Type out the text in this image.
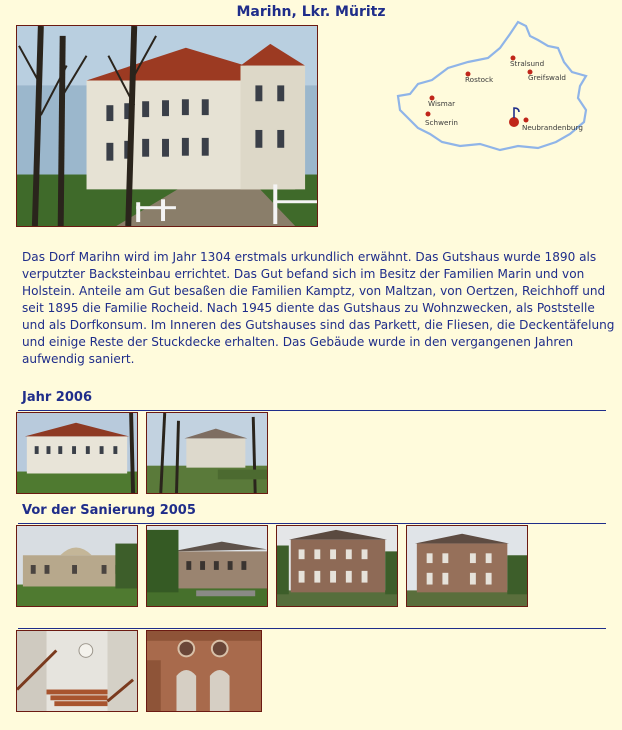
Marihn, Lkr. Müritz
Stralsund
Rostock	Greifswald
Wismar
Schwerin
Neubrandenburg

Das Dorf Marihn wird im Jahr 1304 erstmals urkundlich erwähnt. Das Gutshaus wurde 1890 als verputzter Backsteinbau errichtet. Das Gut befand sich im Besitz der Familien Marin und von Holstein. Anteile am Gut besaßen die Familien Kamptz, von Maltzan, von Oertzen, Reichhoff und seit 1895 die Familie Rocheid. Nach 1945 diente das Gutshaus zu Wohnzwecken, als Poststelle und als Dorfkonsum. Im Inneren des Gutshauses sind das Parkett, die Fliesen, die Deckentäfelung und einige Reste der Stuckdecke erhalten. Das Gebäude wurde in den vergangenen Jahren aufwendig saniert.

Jahr 2006
Vor der Sanierung 2005
